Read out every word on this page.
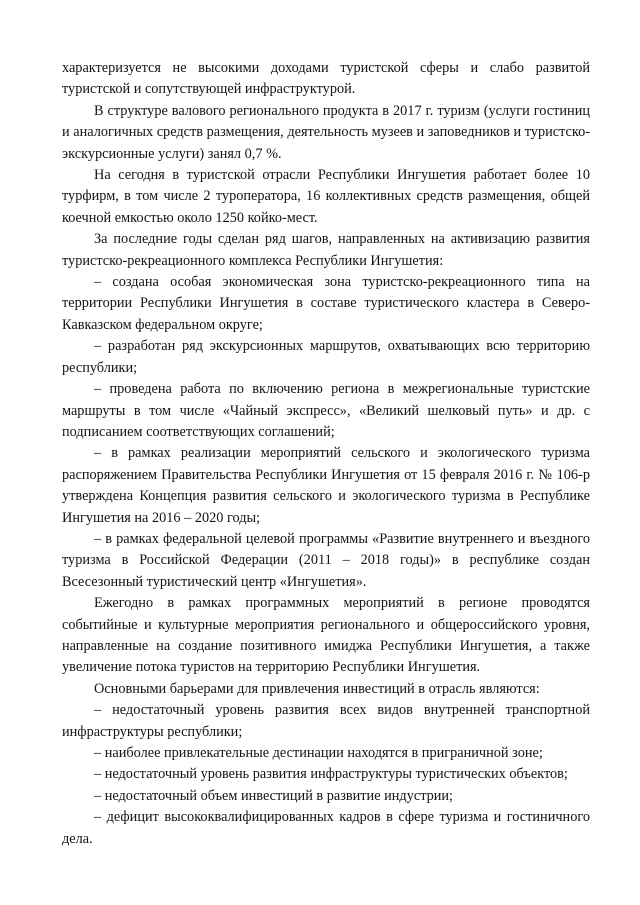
характеризуется не высокими доходами туристской сферы и слабо развитой туристской и сопутствующей инфраструктурой.

В структуре валового регионального продукта в 2017 г. туризм (услуги гостиниц и аналогичных средств размещения, деятельность музеев и заповедников и туристско-экскурсионные услуги) занял 0,7 %.

На сегодня в туристской отрасли Республики Ингушетия работает более 10 турфирм, в том числе 2 туроператора, 16 коллективных средств размещения, общей коечной емкостью около 1250 койко-мест.

За последние годы сделан ряд шагов, направленных на активизацию развития туристско-рекреационного комплекса Республики Ингушетия:

– создана особая экономическая зона туристско-рекреационного типа на территории Республики Ингушетия в составе туристического кластера в Северо-Кавказском федеральном округе;

– разработан ряд экскурсионных маршрутов, охватывающих всю территорию республики;

– проведена работа по включению региона в межрегиональные туристские маршруты в том числе «Чайный экспресс», «Великий шелковый путь» и др. с подписанием соответствующих соглашений;

– в рамках реализации мероприятий сельского и экологического туризма распоряжением Правительства Республики Ингушетия от 15 февраля 2016 г. № 106-р утверждена Концепция развития сельского и экологического туризма в Республике Ингушетия на 2016 – 2020 годы;

– в рамках федеральной целевой программы «Развитие внутреннего и въездного туризма в Российской Федерации (2011 – 2018 годы)» в республике создан Всесезонный туристический центр «Ингушетия».

Ежегодно в рамках программных мероприятий в регионе проводятся событийные и культурные мероприятия регионального и общероссийского уровня, направленные на создание позитивного имиджа Республики Ингушетия, а также увеличение потока туристов на территорию Республики Ингушетия.

Основными барьерами для привлечения инвестиций в отрасль являются:

– недостаточный уровень развития всех видов внутренней транспортной инфраструктуры республики;

– наиболее привлекательные дестинации находятся в приграничной зоне;

– недостаточный уровень развития инфраструктуры туристических объектов;

– недостаточный объем инвестиций в развитие индустрии;

– дефицит высококвалифицированных кадров в сфере туризма и гостиничного дела.
